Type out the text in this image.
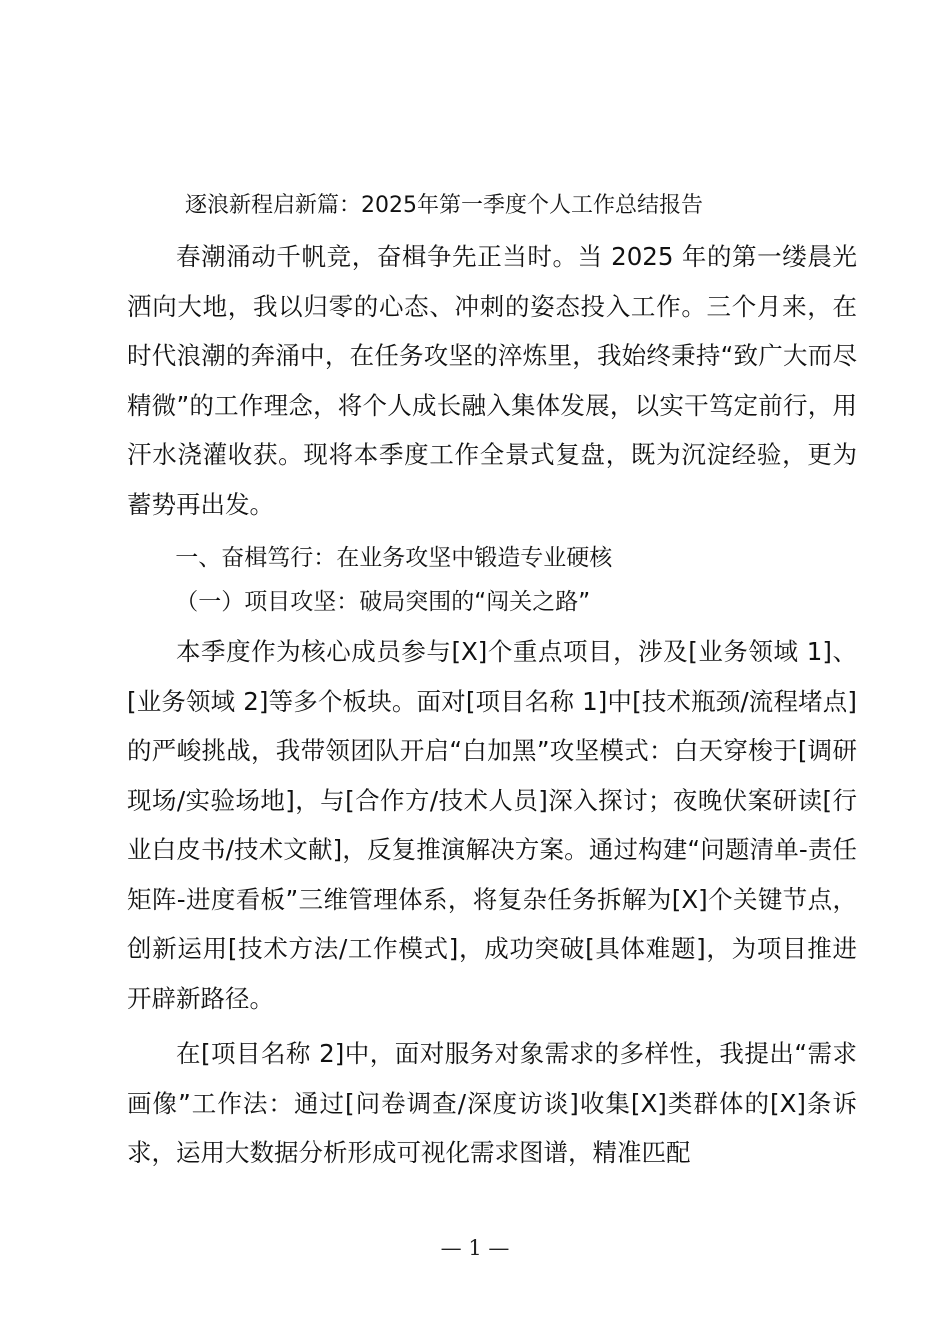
逐浪新程启新篇：2025年第一季度个人工作总结报告

春潮涌动千帆竞，奋楫争先正当时。当 2025 年的第一缕晨光洒向大地，我以归零的心态、冲刺的姿态投入工作。三个月来，在时代浪潮的奔涌中，在任务攻坚的淬炼里，我始终秉持“致广大而尽精微”的工作理念，将个人成长融入集体发展，以实干笃定前行，用汗水浇灌收获。现将本季度工作全景式复盘，既为沉淀经验，更为蓄势再出发。

一、奋楫笃行：在业务攻坚中锻造专业硬核

（一）项目攻坚：破局突围的“闯关之路”

本季度作为核心成员参与[X]个重点项目，涉及[业务领域 1]、[业务领域 2]等多个板块。面对[项目名称 1]中[技术瓶颈/流程堵点]的严峻挑战，我带领团队开启“白加黑”攻坚模式：白天穿梭于[调研现场/实验场地]，与[合作方/技术人员]深入探讨；夜晚伏案研读[行业白皮书/技术文献]，反复推演解决方案。通过构建“问题清单-责任矩阵-进度看板”三维管理体系，将复杂任务拆解为[X]个关键节点，创新运用[技术方法/工作模式]，成功突破[具体难题]，为项目推进开辟新路径。

在[项目名称 2]中，面对服务对象需求的多样性，我提出“需求画像”工作法：通过[问卷调查/深度访谈]收集[X]类群体的[X]条诉求，运用大数据分析形成可视化需求图谱，精准匹配

— 1 —
